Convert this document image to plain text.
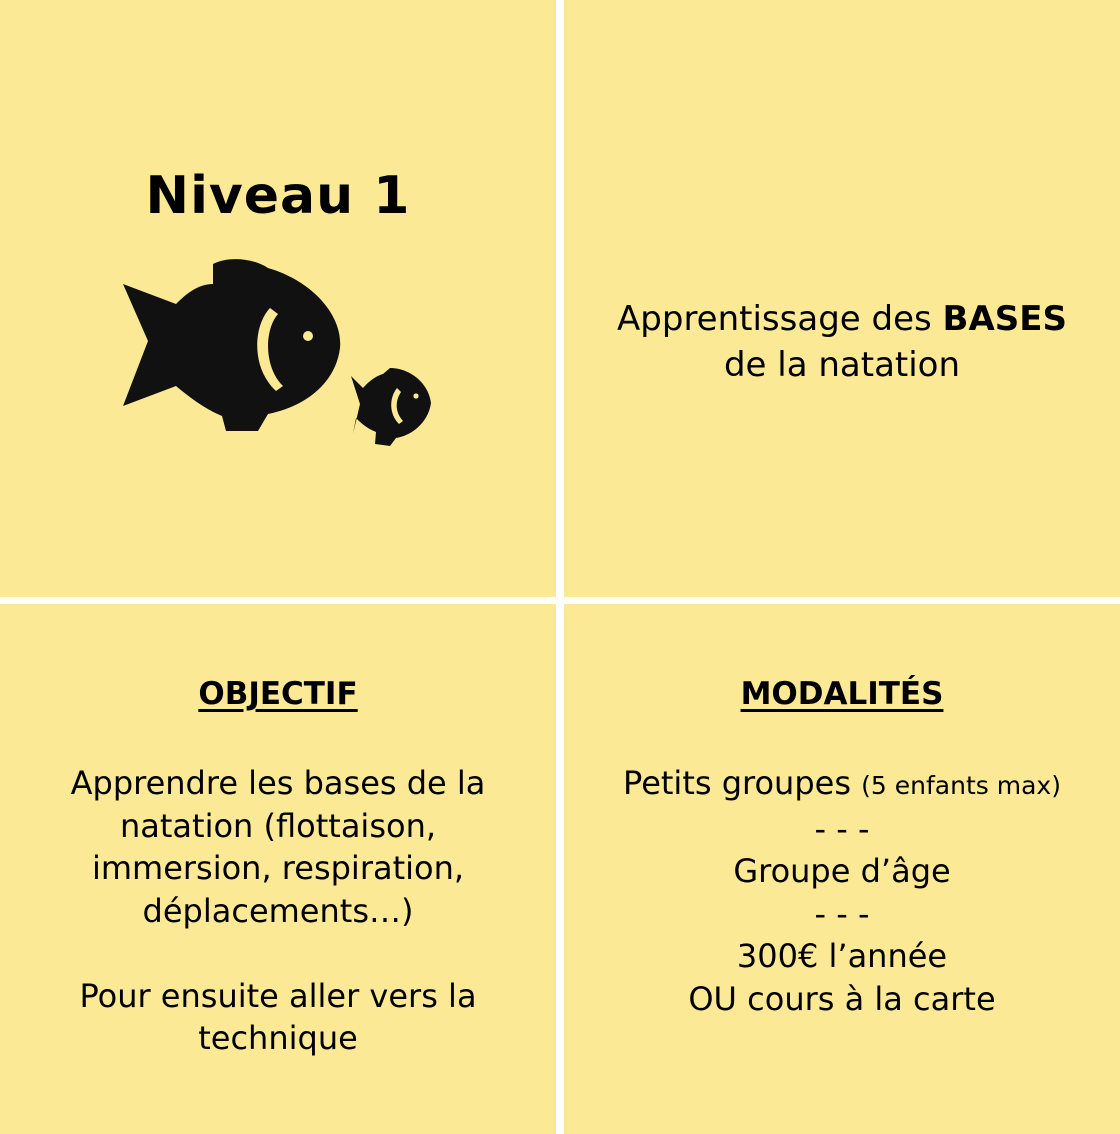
Niveau 1
Apprentissage des BASES
de la natation
OBJECTIF
Apprendre les bases de la
natation (flottaison,
immersion, respiration,
déplacements…)

Pour ensuite aller vers la
technique
MODALITÉS
Petits groupes (5 enfants max)
- - -
Groupe d’âge
- - -
300€ l’année
OU cours à la carte
